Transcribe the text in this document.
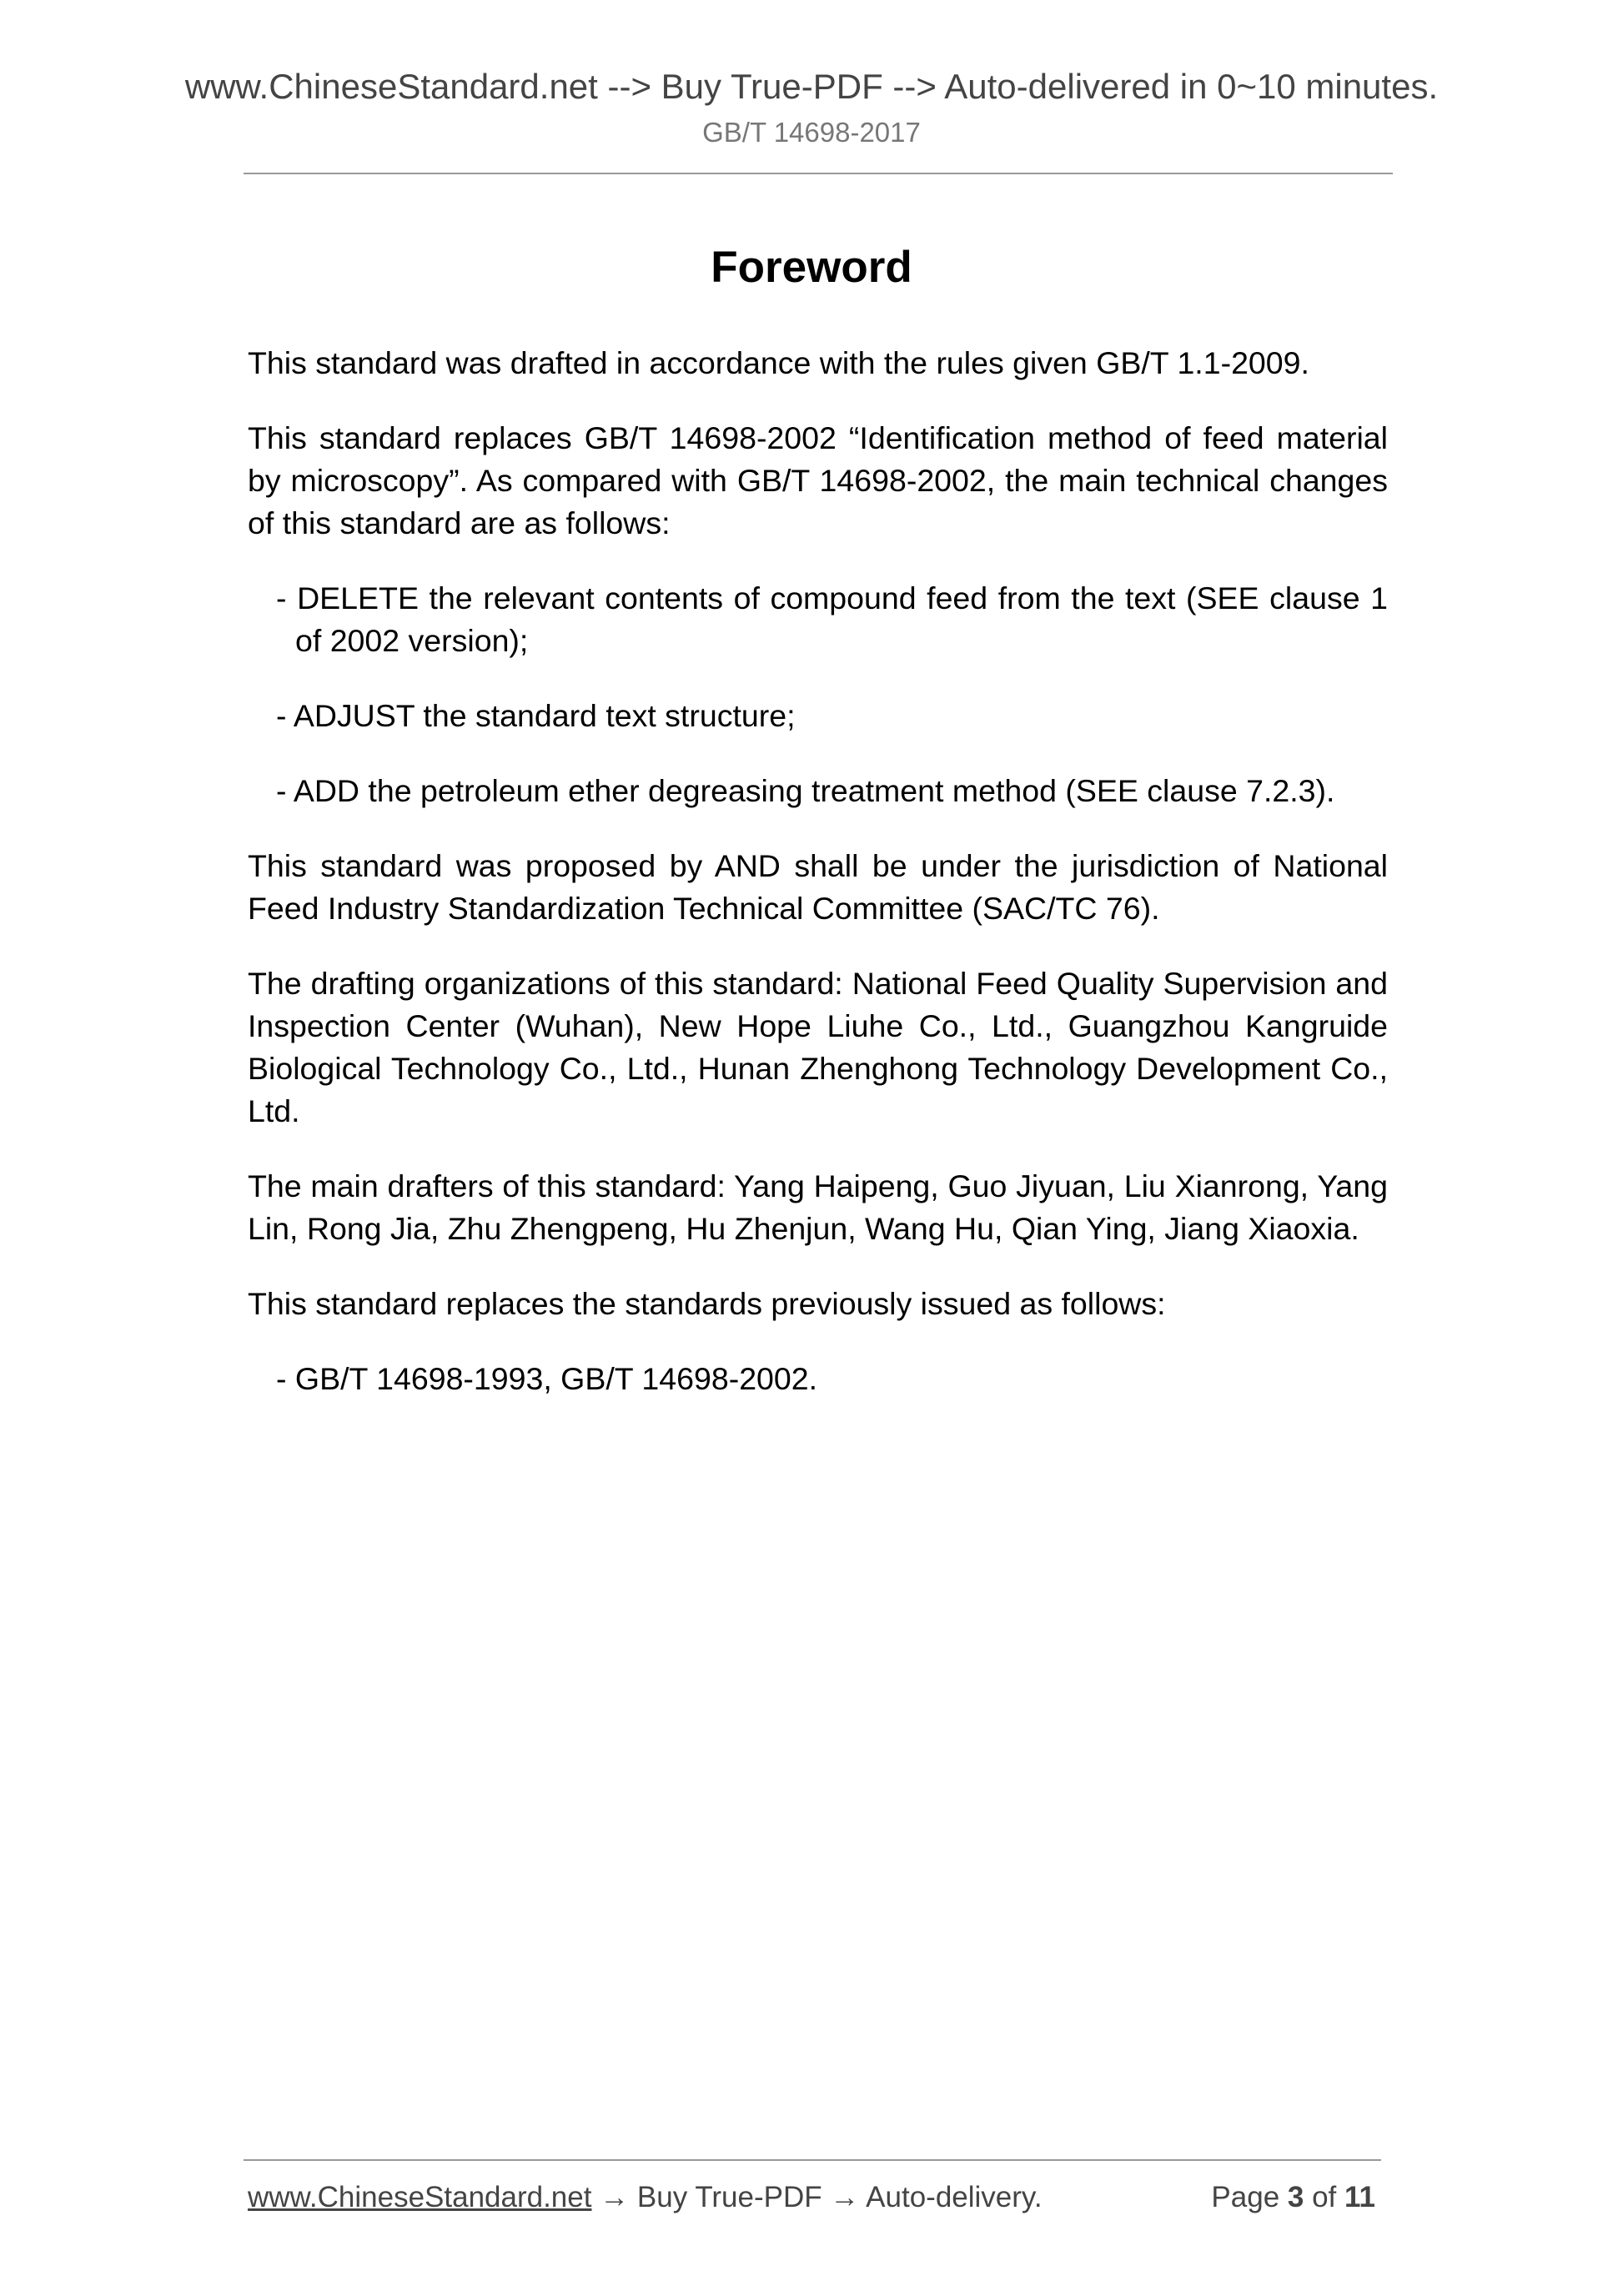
www.ChineseStandard.net --> Buy True-PDF --> Auto-delivered in 0~10 minutes.
GB/T 14698-2017
Foreword

This standard was drafted in accordance with the rules given GB/T 1.1-2009.

This standard replaces GB/T 14698-2002 “Identification method of feed material by microscopy”. As compared with GB/T 14698-2002, the main technical changes of this standard are as follows:

- DELETE the relevant contents of compound feed from the text (SEE clause 1 of 2002 version);
- ADJUST the standard text structure;
- ADD the petroleum ether degreasing treatment method (SEE clause 7.2.3).

This standard was proposed by AND shall be under the jurisdiction of National Feed Industry Standardization Technical Committee (SAC/TC 76).

The drafting organizations of this standard: National Feed Quality Supervision and Inspection Center (Wuhan), New Hope Liuhe Co., Ltd., Guangzhou Kangruide Biological Technology Co., Ltd., Hunan Zhenghong Technology Development Co., Ltd.

The main drafters of this standard: Yang Haipeng, Guo Jiyuan, Liu Xianrong, Yang Lin, Rong Jia, Zhu Zhengpeng, Hu Zhenjun, Wang Hu, Qian Ying, Jiang Xiaoxia.

This standard replaces the standards previously issued as follows:

- GB/T 14698-1993, GB/T 14698-2002.
www.ChineseStandard.net → Buy True-PDF → Auto-delivery.	Page 3 of 11
